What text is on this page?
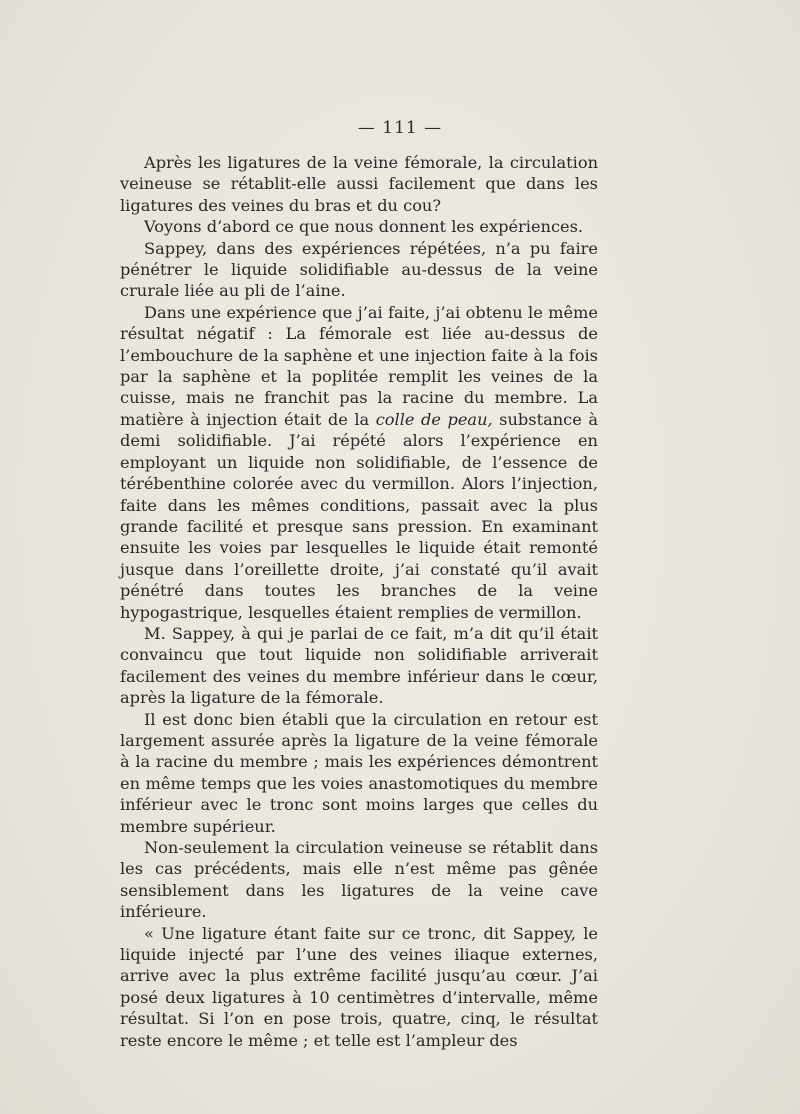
— 111 —

Après les ligatures de la veine fémorale, la circulation veineuse se rétablit-elle aussi facilement que dans les ligatures des veines du bras et du cou?

Voyons d’abord ce que nous donnent les expériences.

Sappey, dans des expériences répétées, n’a pu faire pénétrer le liquide solidifiable au-dessus de la veine crurale liée au pli de l’aine.

Dans une expérience que j’ai faite, j’ai obtenu le même résultat négatif : La fémorale est liée au-dessus de l’embouchure de la saphène et une injection faite à la fois par la saphène et la poplitée remplit les veines de la cuisse, mais ne franchit pas la racine du membre. La matière à injection était de la colle de peau, substance à demi solidifiable. J’ai répété alors l’expérience en employant un liquide non solidifiable, de l’essence de térébenthine colorée avec du vermillon. Alors l’injection, faite dans les mêmes conditions, passait avec la plus grande facilité et presque sans pression. En examinant ensuite les voies par lesquelles le liquide était remonté jusque dans l’oreillette droite, j’ai constaté qu’il avait pénétré dans toutes les branches de la veine hypogastrique, lesquelles étaient remplies de vermillon.

M. Sappey, à qui je parlai de ce fait, m’a dit qu’il était convaincu que tout liquide non solidifiable arriverait facilement des veines du membre inférieur dans le cœur, après la ligature de la fémorale.

Il est donc bien établi que la circulation en retour est largement assurée après la ligature de la veine fémorale à la racine du membre ; mais les expériences démontrent en même temps que les voies anastomotiques du membre inférieur avec le tronc sont moins larges que celles du membre supérieur.

Non-seulement la circulation veineuse se rétablit dans les cas précédents, mais elle n’est même pas gênée sensiblement dans les ligatures de la veine cave inférieure.

« Une ligature étant faite sur ce tronc, dit Sappey, le liquide injecté par l’une des veines iliaque externes, arrive avec la plus extrême facilité jusqu’au cœur. J’ai posé deux ligatures à 10 centimètres d’intervalle, même résultat. Si l’on en pose trois, quatre, cinq, le résultat reste encore le même ; et telle est l’ampleur des
